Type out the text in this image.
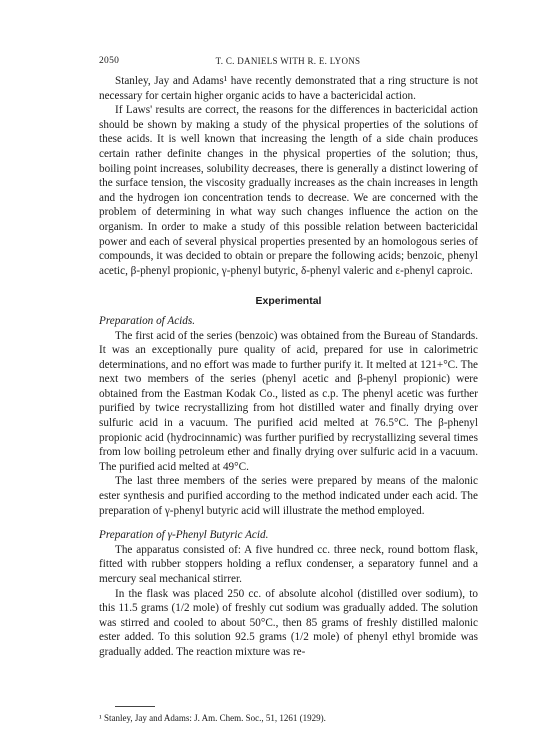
2050	T. C. DANIELS WITH R. E. LYONS

Stanley, Jay and Adams¹ have recently demonstrated that a ring structure is not necessary for certain higher organic acids to have a bactericidal action.

If Laws' results are correct, the reasons for the differences in bactericidal action should be shown by making a study of the physical properties of the solutions of these acids. It is well known that increasing the length of a side chain produces certain rather definite changes in the physical properties of the solution; thus, boiling point increases, solubility decreases, there is generally a distinct lowering of the surface tension, the viscosity gradually increases as the chain increases in length and the hydrogen ion concentration tends to decrease. We are concerned with the problem of determining in what way such changes influence the action on the organism. In order to make a study of this possible relation between bactericidal power and each of several physical properties presented by an homologous series of compounds, it was decided to obtain or prepare the following acids; benzoic, phenyl acetic, β-phenyl propionic, γ-phenyl butyric, δ-phenyl valeric and ε-phenyl caproic.

Experimental

Preparation of Acids.

The first acid of the series (benzoic) was obtained from the Bureau of Standards. It was an exceptionally pure quality of acid, prepared for use in calorimetric determinations, and no effort was made to further purify it. It melted at 121+°C. The next two members of the series (phenyl acetic and β-phenyl propionic) were obtained from the Eastman Kodak Co., listed as c.p. The phenyl acetic was further purified by twice recrystallizing from hot distilled water and finally drying over sulfuric acid in a vacuum. The purified acid melted at 76.5°C. The β-phenyl propionic acid (hydrocinnamic) was further purified by recrystallizing several times from low boiling petroleum ether and finally drying over sulfuric acid in a vacuum. The purified acid melted at 49°C.

The last three members of the series were prepared by means of the malonic ester synthesis and purified according to the method indicated under each acid. The preparation of γ-phenyl butyric acid will illustrate the method employed.

Preparation of γ-Phenyl Butyric Acid.

The apparatus consisted of: A five hundred cc. three neck, round bottom flask, fitted with rubber stoppers holding a reflux condenser, a separatory funnel and a mercury seal mechanical stirrer.

In the flask was placed 250 cc. of absolute alcohol (distilled over sodium), to this 11.5 grams (1/2 mole) of freshly cut sodium was gradually added. The solution was stirred and cooled to about 50°C., then 85 grams of freshly distilled malonic ester added. To this solution 92.5 grams (1/2 mole) of phenyl ethyl bromide was gradually added. The reaction mixture was re-

¹ Stanley, Jay and Adams: J. Am. Chem. Soc., 51, 1261 (1929).
